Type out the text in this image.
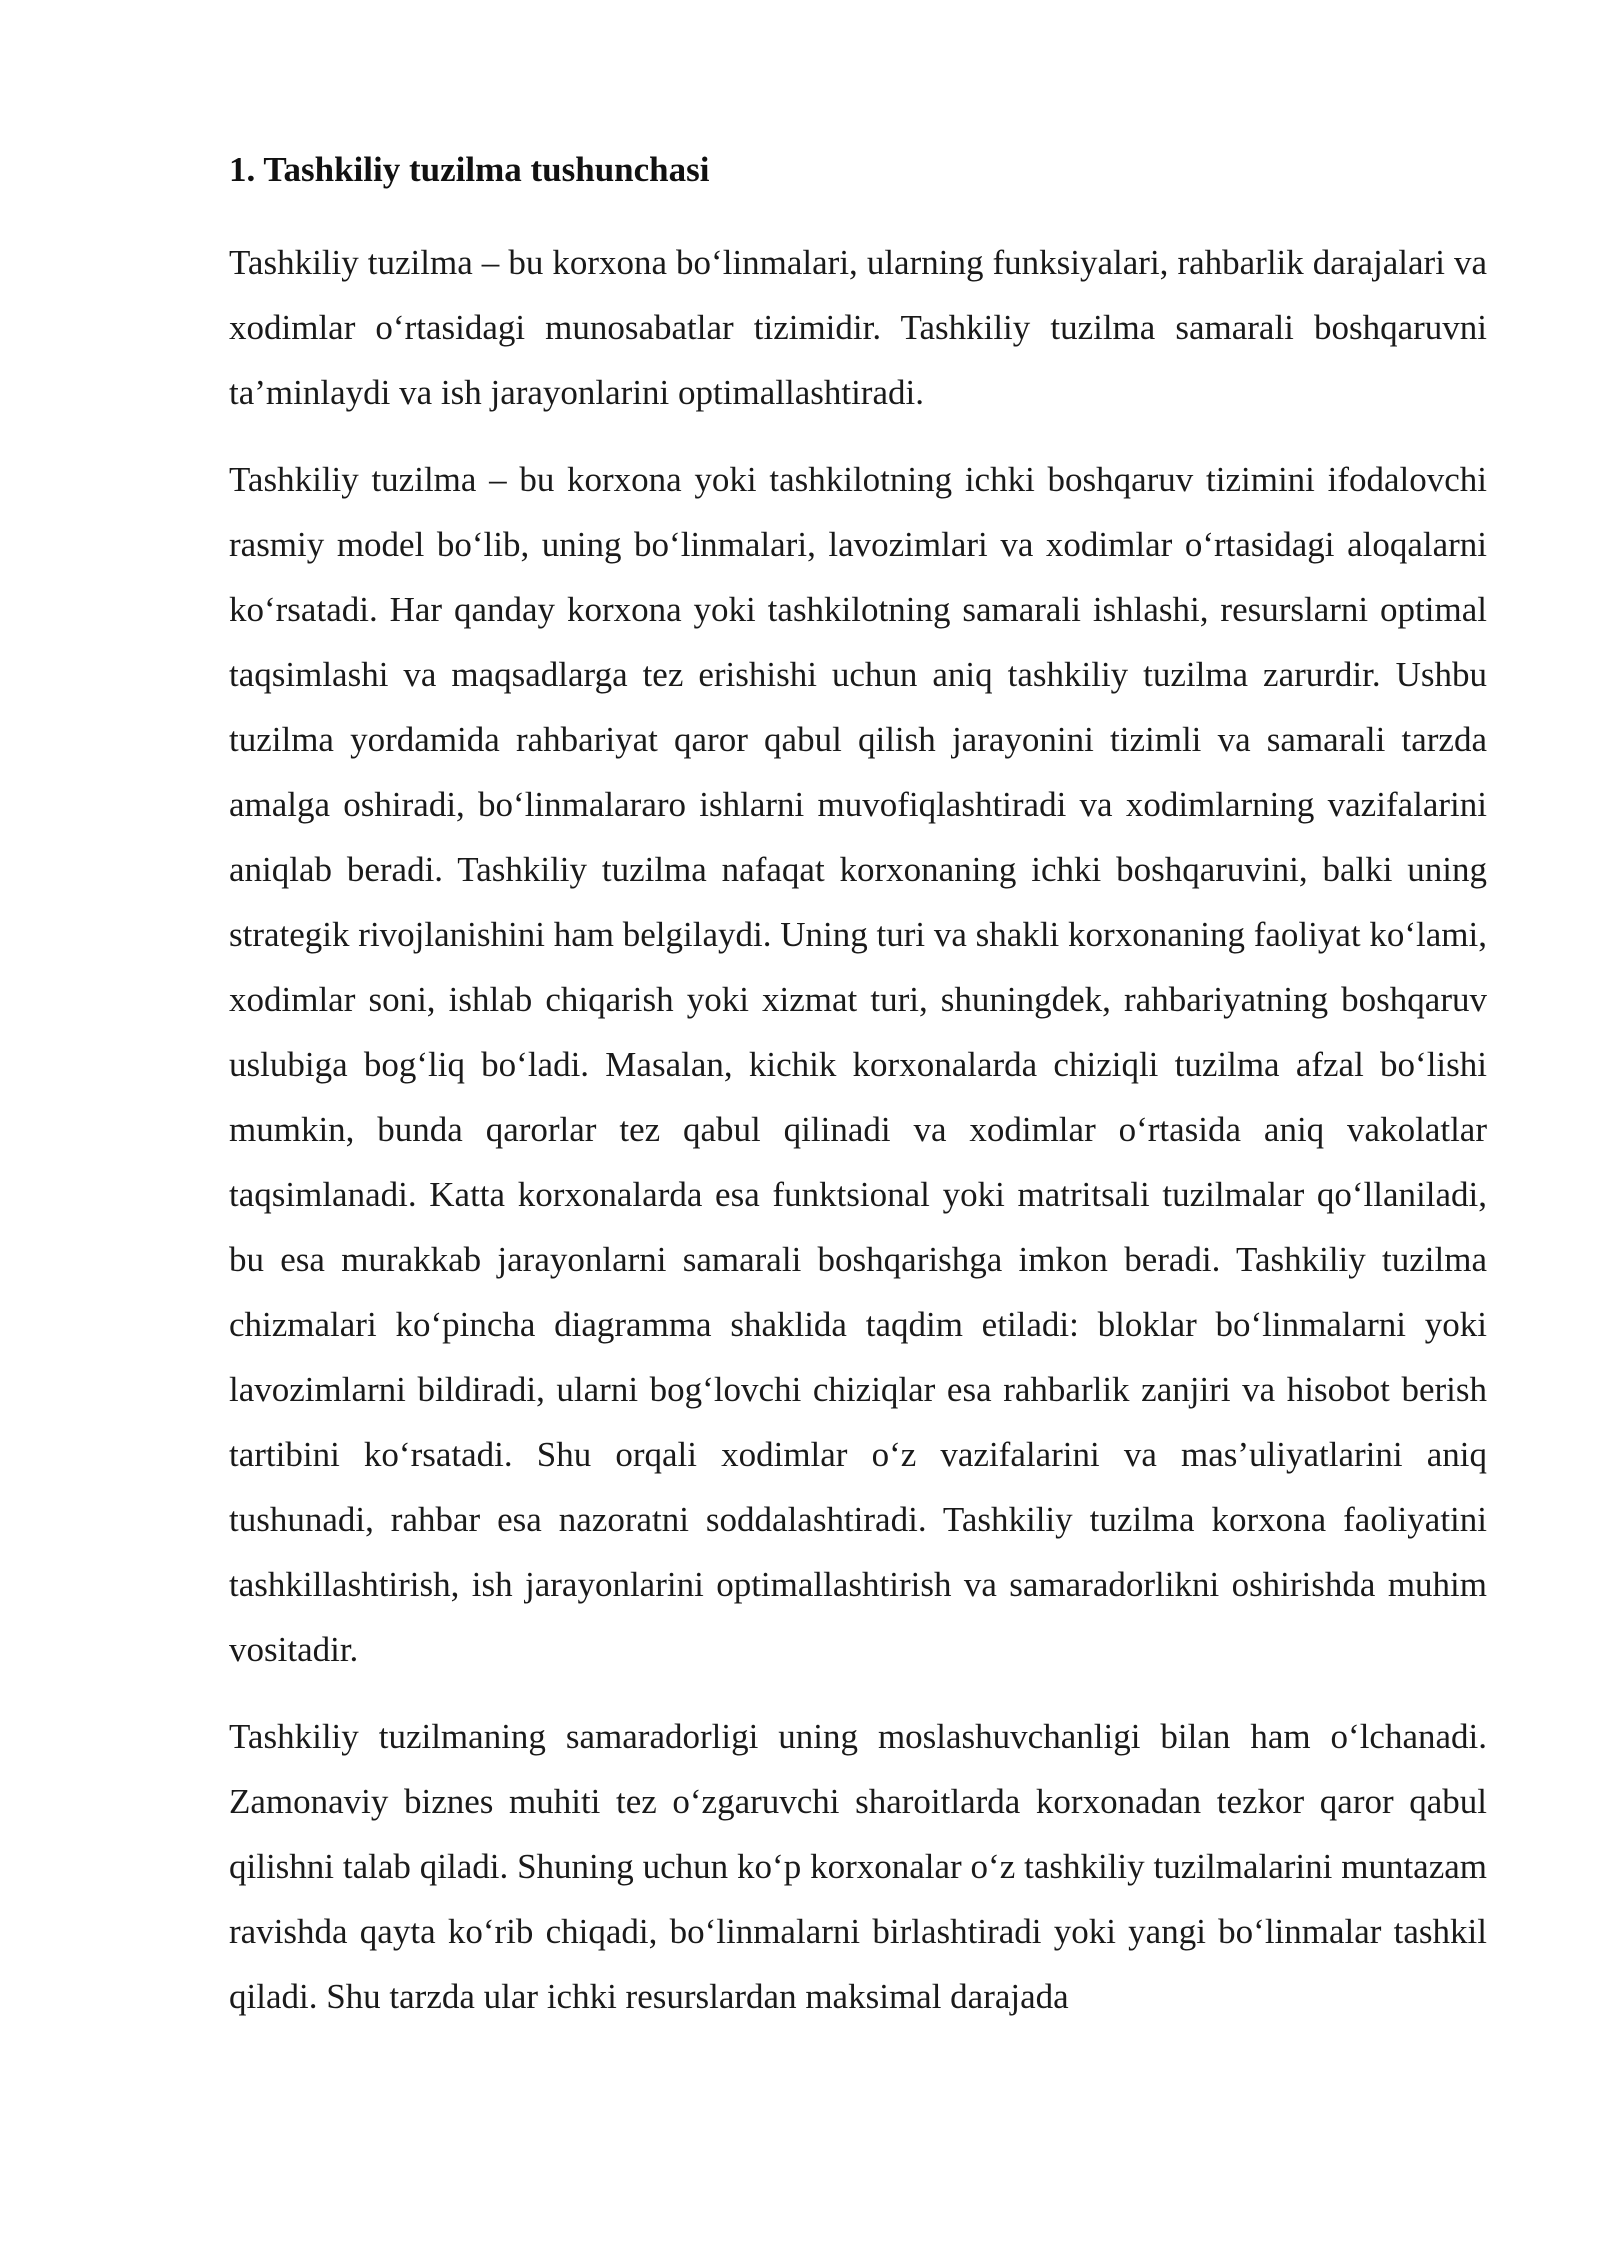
1. Tashkiliy tuzilma tushunchasi

Tashkiliy tuzilma – bu korxona bo‘linmalari, ularning funksiyalari, rahbarlik darajalari va xodimlar o‘rtasidagi munosabatlar tizimidir. Tashkiliy tuzilma samarali boshqaruvni ta’minlaydi va ish jarayonlarini optimallashtiradi.

Tashkiliy tuzilma – bu korxona yoki tashkilotning ichki boshqaruv tizimini ifodalovchi rasmiy model bo‘lib, uning bo‘linmalari, lavozimlari va xodimlar o‘rtasidagi aloqalarni ko‘rsatadi. Har qanday korxona yoki tashkilotning samarali ishlashi, resurslarni optimal taqsimlashi va maqsadlarga tez erishishi uchun aniq tashkiliy tuzilma zarurdir. Ushbu tuzilma yordamida rahbariyat qaror qabul qilish jarayonini tizimli va samarali tarzda amalga oshiradi, bo‘linmalararo ishlarni muvofiqlashtiradi va xodimlarning vazifalarini aniqlab beradi. Tashkiliy tuzilma nafaqat korxonaning ichki boshqaruvini, balki uning strategik rivojlanishini ham belgilaydi. Uning turi va shakli korxonaning faoliyat ko‘lami, xodimlar soni, ishlab chiqarish yoki xizmat turi, shuningdek, rahbariyatning boshqaruv uslubiga bog‘liq bo‘ladi. Masalan, kichik korxonalarda chiziqli tuzilma afzal bo‘lishi mumkin, bunda qarorlar tez qabul qilinadi va xodimlar o‘rtasida aniq vakolatlar taqsimlanadi. Katta korxonalarda esa funktsional yoki matritsali tuzilmalar qo‘llaniladi, bu esa murakkab jarayonlarni samarali boshqarishga imkon beradi. Tashkiliy tuzilma chizmalari ko‘pincha diagramma shaklida taqdim etiladi: bloklar bo‘linmalarni yoki lavozimlarni bildiradi, ularni bog‘lovchi chiziqlar esa rahbarlik zanjiri va hisobot berish tartibini ko‘rsatadi. Shu orqali xodimlar o‘z vazifalarini va mas’uliyatlarini aniq tushunadi, rahbar esa nazoratni soddalashtiradi. Tashkiliy tuzilma korxona faoliyatini tashkillashtirish, ish jarayonlarini optimallashtirish va samaradorlikni oshirishda muhim vositadir.

Tashkiliy tuzilmaning samaradorligi uning moslashuvchanligi bilan ham o‘lchanadi. Zamonaviy biznes muhiti tez o‘zgaruvchi sharoitlarda korxonadan tezkor qaror qabul qilishni talab qiladi. Shuning uchun ko‘p korxonalar o‘z tashkiliy tuzilmalarini muntazam ravishda qayta ko‘rib chiqadi, bo‘linmalarni birlashtiradi yoki yangi bo‘linmalar tashkil qiladi. Shu tarzda ular ichki resurslardan maksimal darajada
